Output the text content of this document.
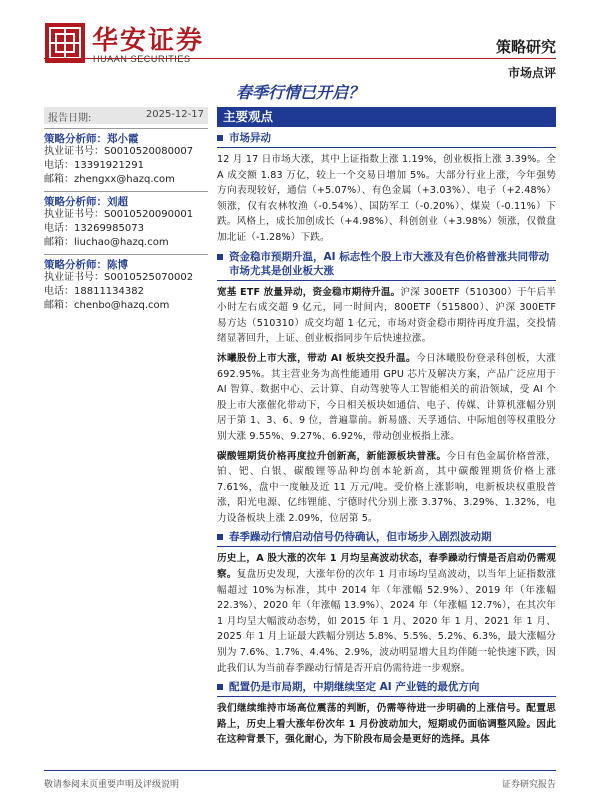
华安证券
HUAAN SECURITIES
策略研究
市场点评
春季行情已开启？
报告日期:	2025-12-17
策略分析师：郑小霞
执业证书号：S0010520080007
电话：13391921291
邮箱：zhengxx@hazq.com
策略分析师：刘超
执业证书号：S0010520090001
电话：13269985073
邮箱：liuchao@hazq.com
策略分析师：陈博
执业证书号：S0010525070002
电话：18811134382
邮箱：chenbo@hazq.com
主要观点
市场异动
12 月 17 日市场大涨，其中上证指数上涨 1.19%，创业板指上涨 3.39%。全 A 成交额 1.83 万亿，较上一个交易日增加 5%。大部分行业上涨，今年强势方向表现较好，通信（+5.07%）、有色金属（+3.03%）、电子（+2.48%）领涨，仅有农林牧渔（-0.54%）、国防军工（-0.20%）、煤炭（-0.11%）下跌。风格上，成长加创成长（+4.98%）、科创创业（+3.98%）领涨，仅微盘加北证（-1.28%）下跌。
资金稳市预期升温，AI 标志性个股上市大涨及有色价格普涨共同带动市场尤其是创业板大涨
宽基 ETF 放量异动，资金稳市期待升温。沪深 300ETF（510300）于午后半小时左右成交超 9 亿元，同一时间内，800ETF（515800）、沪深 300ETF 易方达（510310）成交均超 1 亿元，市场对资金稳市期待再度升温，交投情绪显著回升，上证、创业板指同步午后快速拉涨。
沐曦股份上市大涨，带动 AI 板块交投升温。今日沐曦股份登录科创板，大涨 692.95%。其主营业务为高性能通用 GPU 芯片及解决方案，产品广泛应用于 AI 智算、数据中心、云计算、自动驾驶等人工智能相关的前沿领域，受 AI 个股上市大涨催化带动下，今日相关板块如通信、电子、传媒、计算机涨幅分别居于第 1、3、6、9 位，普遍靠前。新易盛、天孚通信、中际旭创等权重股分别大涨 9.55%、9.27%、6.92%，带动创业板指上涨。
碳酸锂期货价格再度拉升创新高，新能源板块普涨。今日有色金属价格普涨，铂、钯、白银、碳酸锂等品种均创本轮新高，其中碳酸锂期货价格上涨 7.61%，盘中一度触及近 11 万元/吨。受价格上涨影响，电新板块权重股普涨，阳光电源、亿纬锂能、宁德时代分别上涨 3.37%、3.29%、1.32%，电力设备板块上涨 2.09%，位居第 5。
春季躁动行情启动信号仍待确认，但市场步入剧烈波动期
历史上，A 股大涨的次年 1 月均呈高波动状态，春季躁动行情是否启动仍需观察。复盘历史发现，大涨年份的次年 1 月市场均呈高波动，以当年上证指数涨幅超过 10%为标准，其中 2014 年（年涨幅 52.9%）、2019 年（年涨幅 22.3%）、2020 年（年涨幅 13.9%）、2024 年（年涨幅 12.7%），在其次年 1 月均呈大幅波动态势，如 2015 年 1 月、2020 年 1 月、2021 年 1 月、2025 年 1 月上证最大跌幅分别达 5.8%、5.5%、5.2%、6.3%，最大涨幅分别为 7.6%、1.7%、4.4%、2.9%，波动明显增大且均伴随一轮快速下跌，因此我们认为当前春季躁动行情是否开启仍需待进一步观察。
配置仍是市局期，中期继续坚定 AI 产业链的最优方向
我们继续维持市场高位震荡的判断，仍需等待进一步明确的上涨信号。配置思路上，历史上看大涨年份次年 1 月份波动加大，短期或仍面临调整风险。因此在这种背景下，强化耐心，为下阶段布局会是更好的选择。具体
敬请参阅末页重要声明及评级说明	证券研究报告
